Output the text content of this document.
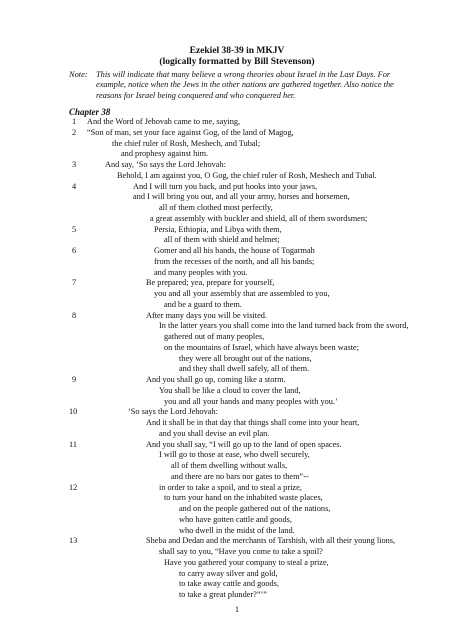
Ezekiel 38-39 in MKJV
(logically formatted by Bill Stevenson)
Note: This will indicate that many believe a wrong theories about Israel in the Last Days. For example, notice when the Jews in the other nations are gathered together. Also notice the reasons for Israel being conquered and who conquered her.
Chapter 38
1
2
3
4
5
6
7
8
9
10
11
12
13
And the Word of Jehovah came to me, saying,
“Son of man, set your face against Gog, of the land of Magog,
the chief ruler of Rosh, Meshech, and Tubal;
and prophesy against him.
And say, ‘So says the Lord Jehovah:
Behold, I am against you, O Gog, the chief ruler of Rosh, Meshech and Tubal.
And I will turn you back, and put hooks into your jaws,
and I will bring you out, and all your army, horses and horsemen,
all of them clothed most perfectly,
a great assembly with buckler and shield, all of them swordsmen;
Persia, Ethiopia, and Libya with them,
all of them with shield and helmet;
Gomer and all his bands, the house of Togarmah
from the recesses of the north, and all his bands;
and many peoples with you.
Be prepared; yea, prepare for yourself,
you and all your assembly that are assembled to you,
and be a guard to them.
After many days you will be visited.
In the latter years you shall come into the land turned back from the sword,
gathered out of many peoples,
on the mountains of Israel, which have always been waste;
they were all brought out of the nations,
and they shall dwell safely, all of them.
And you shall go up, coming like a storm.
You shall be like a cloud to cover the land,
you and all your bands and many peoples with you.’
‘So says the Lord Jehovah:
And it shall be in that day that things shall come into your heart,
and you shall devise an evil plan.
And you shall say, “I will go up to the land of open spaces.
I will go to those at ease, who dwell securely,
all of them dwelling without walls,
and there are no bars nor gates to them”--
in order to take a spoil, and to steal a prize,
to turn your hand on the inhabited waste places,
and on the people gathered out of the nations,
who have gotten cattle and goods,
who dwell in the midst of the land.
Sheba and Dedan and the merchants of Tarshish, with all their young lions,
shall say to you, “Have you come to take a spoil?
Have you gathered your company to steal a prize,
to carry away silver and gold,
to take away cattle and goods,
to take a great plunder?”’”
1
